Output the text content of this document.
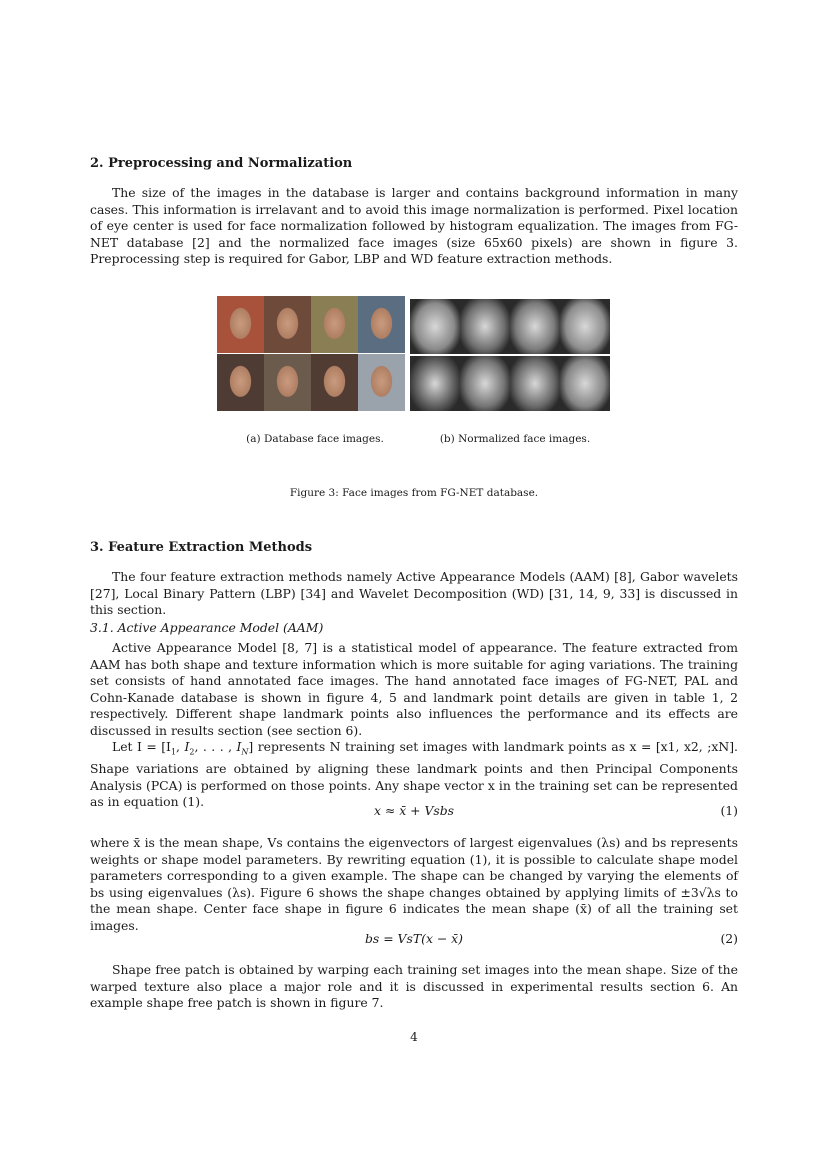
2. Preprocessing and Normalization
The size of the images in the database is larger and contains background information in many cases. This information is irrelavant and to avoid this image normalization is performed. Pixel location of eye center is used for face normalization followed by histogram equalization. The images from FG-NET database [2] and the normalized face images (size 65x60 pixels) are shown in figure 3. Preprocessing step is required for Gabor, LBP and WD feature extraction methods.
(a) Database face images.	(b) Normalized face images.
Figure 3: Face images from FG-NET database.
3. Feature Extraction Methods
The four feature extraction methods namely Active Appearance Models (AAM) [8], Gabor wavelets [27], Local Binary Pattern (LBP) [34] and Wavelet Decomposition (WD) [31, 14, 9, 33] is discussed in this section.
3.1. Active Appearance Model (AAM)
Active Appearance Model [8, 7] is a statistical model of appearance. The feature extracted from AAM has both shape and texture information which is more suitable for aging variations. The training set consists of hand annotated face images. The hand annotated face images of FG-NET, PAL and Cohn-Kanade database is shown in figure 4, 5 and landmark point details are given in table 1, 2 respectively. Different shape landmark points also influences the performance and its effects are discussed in results section (see section 6).
Let $I = [I_1$, $I_2$, . . . , $I_N$] represents N training set images with landmark points as x = [x1, x2, ;xN]. Shape variations are obtained by aligning these landmark points and then Principal Components Analysis (PCA) is performed on those points. Any shape vector x in the training set can be represented as in equation (1).
x ≈ x̄ + Vsbs	(1)
where x̄ is the mean shape, Vs contains the eigenvectors of largest eigenvalues (λs) and bs represents weights or shape model parameters. By rewriting equation (1), it is possible to calculate shape model parameters corresponding to a given example. The shape can be changed by varying the elements of bs using eigenvalues (λs). Figure 6 shows the shape changes obtained by applying limits of ±3√λs to the mean shape. Center face shape in figure 6 indicates the mean shape (x̄) of all the training set images.
bs = VsT(x − x̄)	(2)
Shape free patch is obtained by warping each training set images into the mean shape. Size of the warped texture also place a major role and it is discussed in experimental results section 6. An example shape free patch is shown in figure 7.
4
